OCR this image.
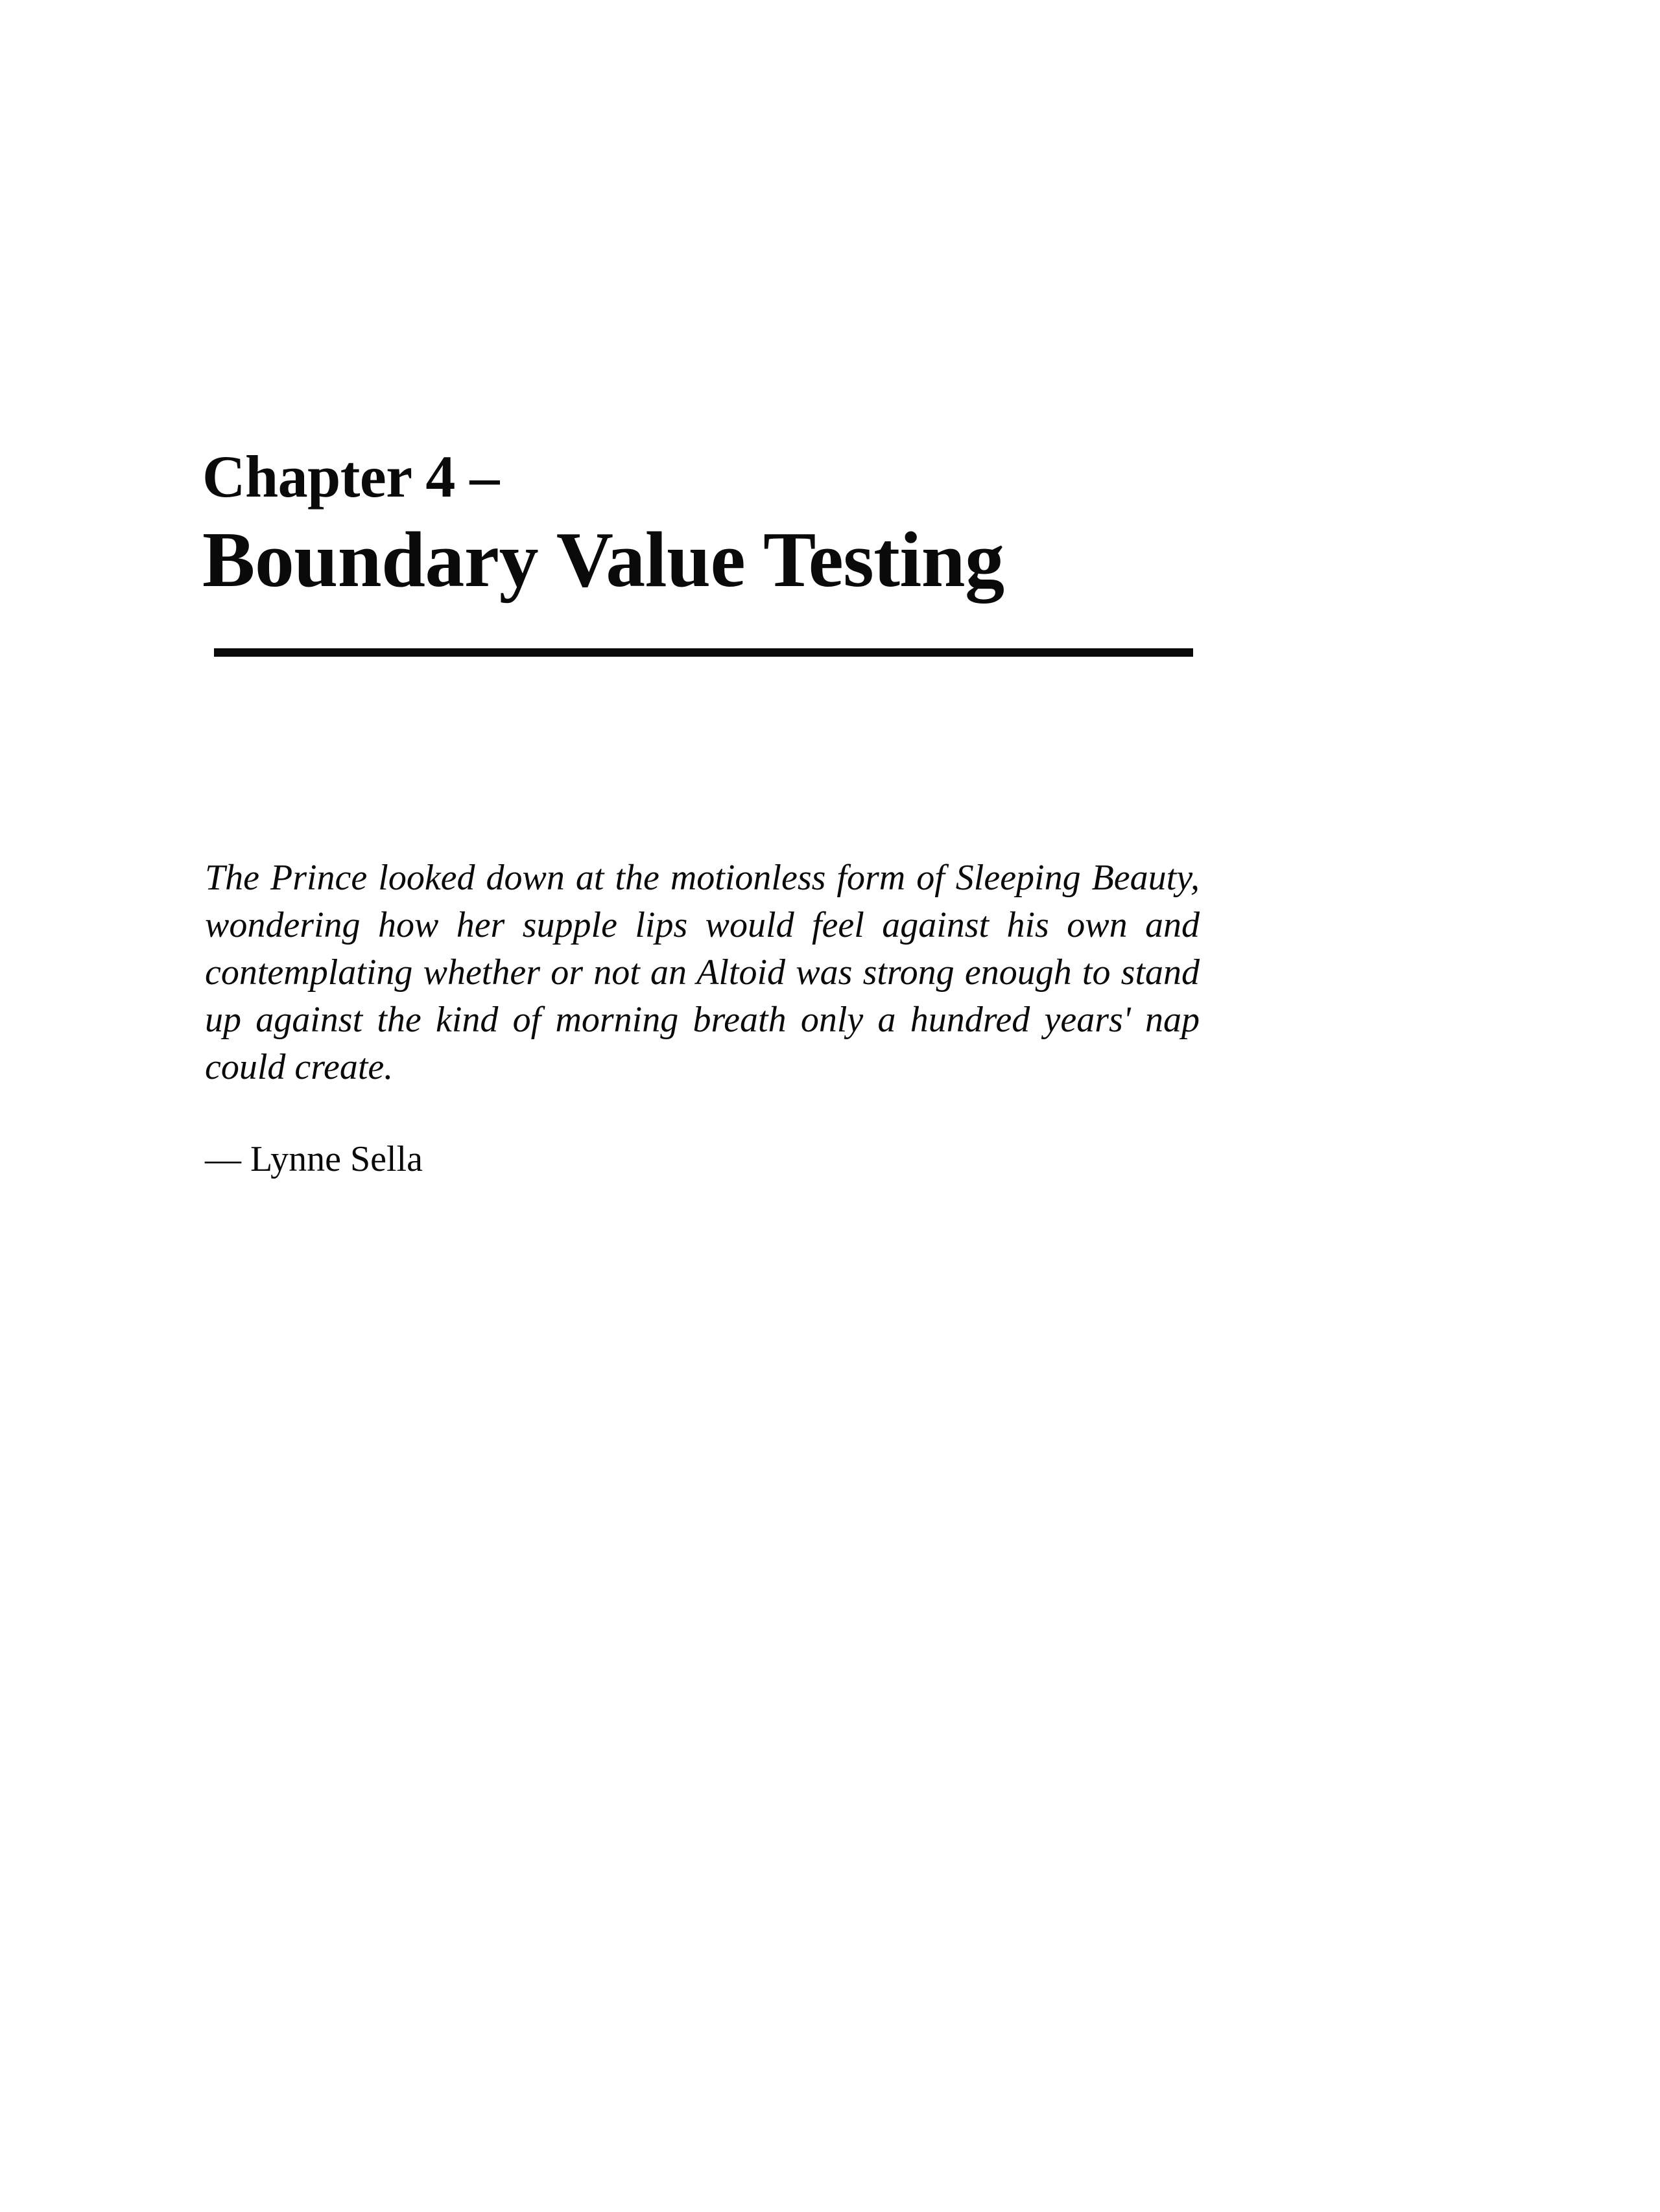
Chapter 4 –
Boundary Value Testing

The Prince looked down at the motionless form of Sleeping Beauty, wondering how her supple lips would feel against his own and contemplating whether or not an Altoid was strong enough to stand up against the kind of morning breath only a hundred years' nap could create.

— Lynne Sella
